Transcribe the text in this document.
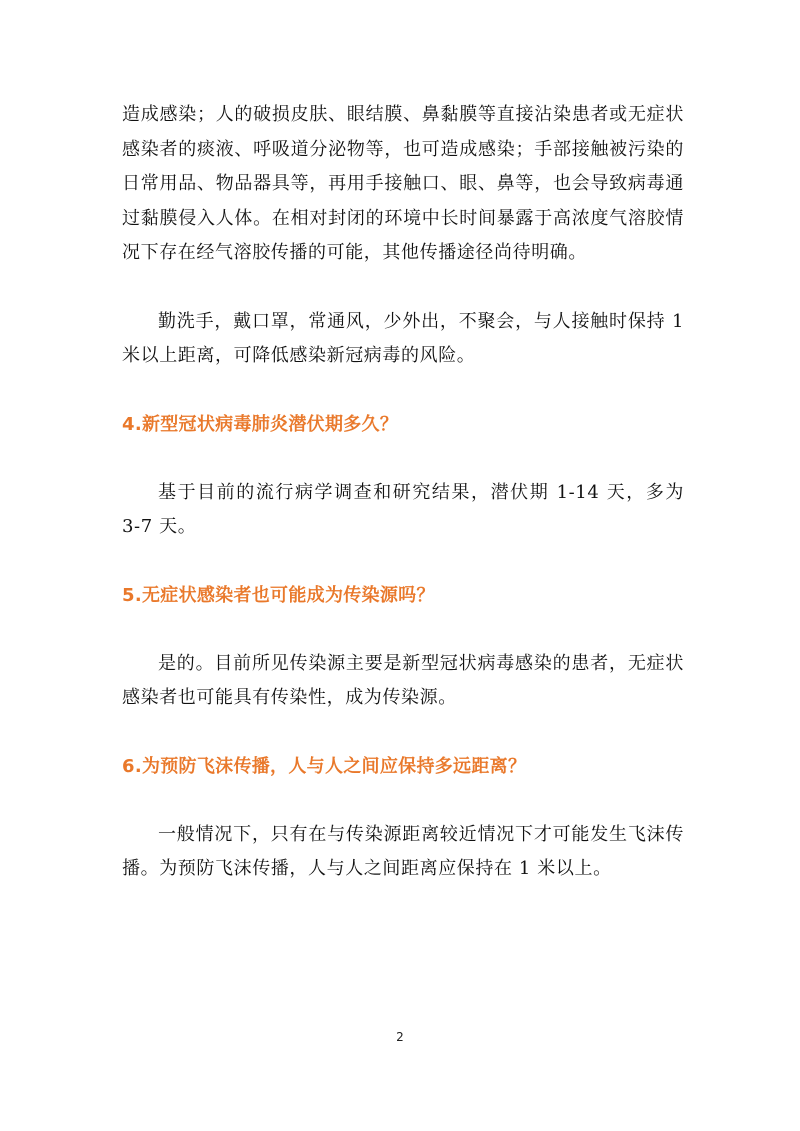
造成感染；人的破损皮肤、眼结膜、鼻黏膜等直接沾染患者或无症状感染者的痰液、呼吸道分泌物等，也可造成感染；手部接触被污染的日常用品、物品器具等，再用手接触口、眼、鼻等，也会导致病毒通过黏膜侵入人体。在相对封闭的环境中长时间暴露于高浓度气溶胶情况下存在经气溶胶传播的可能，其他传播途径尚待明确。

勤洗手，戴口罩，常通风，少外出，不聚会，与人接触时保持 1 米以上距离，可降低感染新冠病毒的风险。

4.新型冠状病毒肺炎潜伏期多久？

基于目前的流行病学调查和研究结果，潜伏期 1-14 天，多为 3-7 天。

5.无症状感染者也可能成为传染源吗？

是的。目前所见传染源主要是新型冠状病毒感染的患者，无症状感染者也可能具有传染性，成为传染源。

6.为预防飞沫传播，人与人之间应保持多远距离？

一般情况下，只有在与传染源距离较近情况下才可能发生飞沫传播。为预防飞沫传播，人与人之间距离应保持在 1 米以上。

2
